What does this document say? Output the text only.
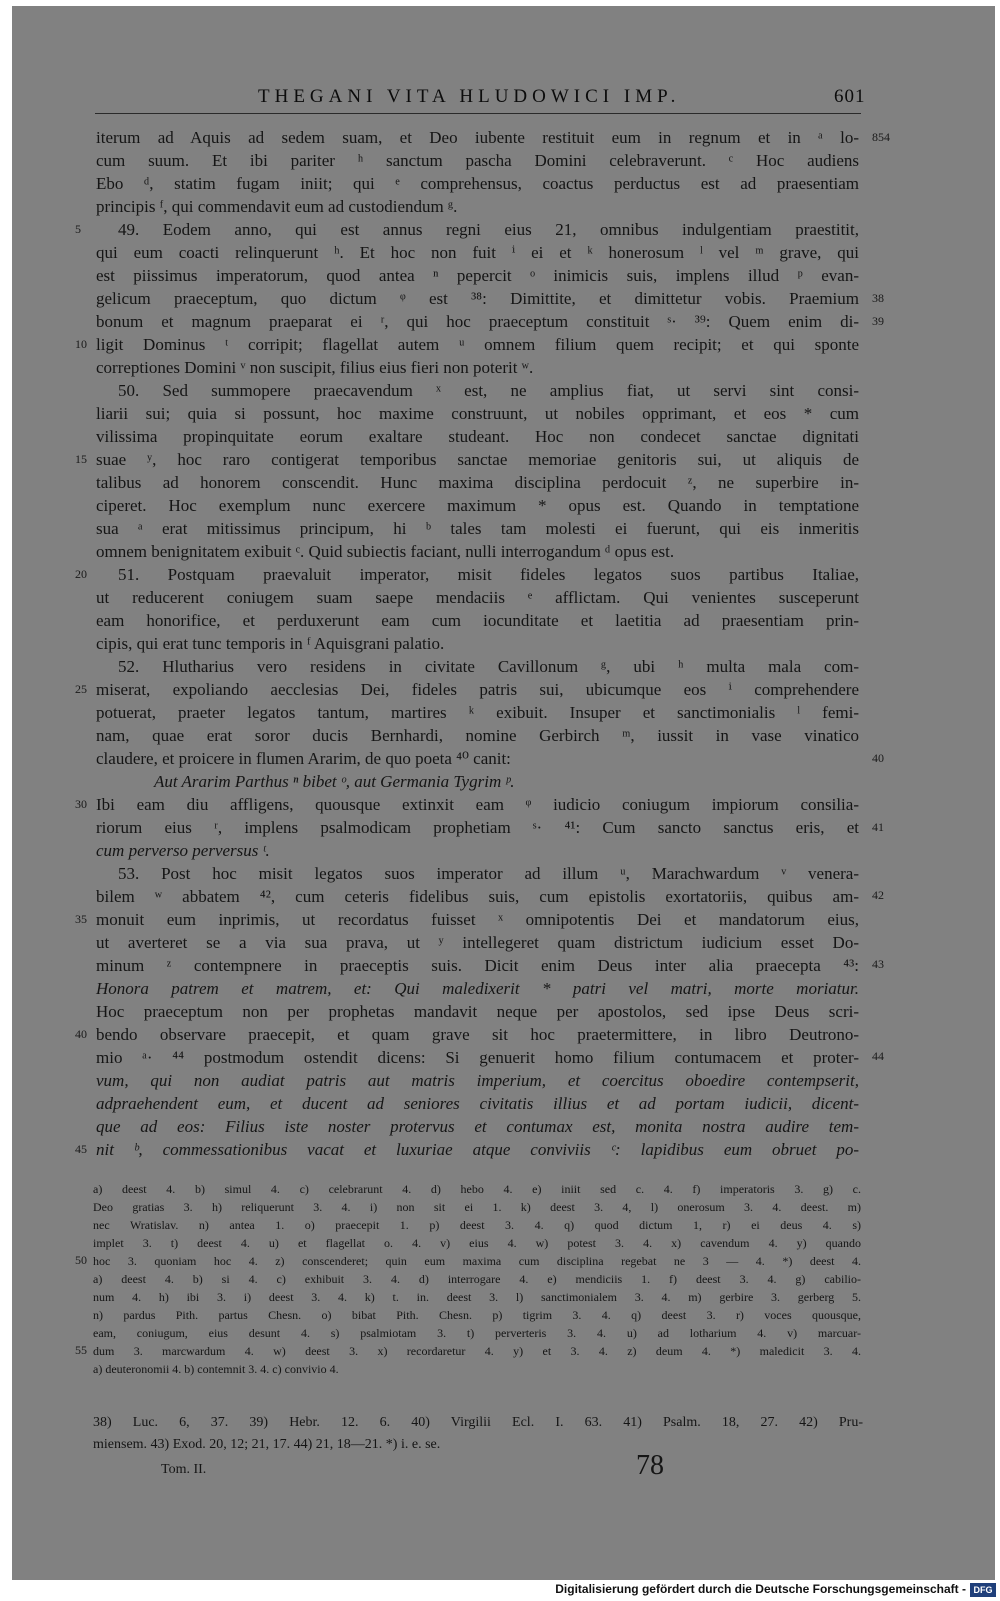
THEGANI VITA HLUDOWICI IMP.	601
iterum ad Aquis ad sedem suam, et Deo iubente restituit eum in regnum et in ᵃ lo-
cum suum. Et ibi pariter ʰ sanctum pascha Domini celebraverunt. ᶜ Hoc audiens
Ebo ᵈ, statim fugam iniit; qui ᵉ comprehensus, coactus perductus est ad praesentiam
principis ᶠ, qui commendavit eum ad custodiendum ᵍ.
49. Eodem anno, qui est annus regni eius 21, omnibus indulgentiam praestitit,
qui eum coacti relinquerunt ʰ. Et hoc non fuit ⁱ ei et ᵏ honerosum ˡ vel ᵐ grave, qui
est piissimus imperatorum, quod antea ⁿ pepercit ᵒ inimicis suis, implens illud ᵖ evan-
gelicum praeceptum, quo dictum ᵠ est ³⁸: Dimittite, et dimittetur vobis. Praemium
bonum et magnum praeparat ei ʳ, qui hoc praeceptum constituit ˢ· ³⁹: Quem enim di-
ligit Dominus ᵗ corripit; flagellat autem ᵘ omnem filium quem recipit; et qui sponte
correptiones Domini ᵛ non suscipit, filius eius fieri non poterit ʷ.
50. Sed summopere praecavendum ˣ est, ne amplius fiat, ut servi sint consi-
liarii sui; quia si possunt, hoc maxime construunt, ut nobiles opprimant, et eos * cum
vilissima propinquitate eorum exaltare studeant. Hoc non condecet sanctae dignitati
suae ʸ, hoc raro contigerat temporibus sanctae memoriae genitoris sui, ut aliquis de
talibus ad honorem conscendit. Hunc maxima disciplina perdocuit ᶻ, ne superbire in-
ciperet. Hoc exemplum nunc exercere maximum * opus est. Quando in temptatione
sua ᵃ erat mitissimus principum, hi ᵇ tales tam molesti ei fuerunt, qui eis inmeritis
omnem benignitatem exibuit ᶜ. Quid subiectis faciant, nulli interrogandum ᵈ opus est.
51. Postquam praevaluit imperator, misit fideles legatos suos partibus Italiae,
ut reducerent coniugem suam saepe mendaciis ᵉ afflictam. Qui venientes susceperunt
eam honorifice, et perduxerunt eam cum iocunditate et laetitia ad praesentiam prin-
cipis, qui erat tunc temporis in ᶠ Aquisgrani palatio.
52. Hlutharius vero residens in civitate Cavillonum ᵍ, ubi ʰ multa mala com-
miserat, expoliando aecclesias Dei, fideles patris sui, ubicumque eos ⁱ comprehendere
potuerat, praeter legatos tantum, martires ᵏ exibuit. Insuper et sanctimonialis ˡ femi-
nam, quae erat soror ducis Bernhardi, nomine Gerbirch ᵐ, iussit in vase vinatico
claudere, et proicere in flumen Ararim, de quo poeta ⁴⁰ canit:
Aut Ararim Parthus ⁿ bibet ᵒ, aut Germania Tygrim ᵖ.
Ibi eam diu affligens, quousque extinxit eam ᵠ iudicio coniugum impiorum consilia-
riorum eius ʳ, implens psalmodicam prophetiam ˢ· ⁴¹: Cum sancto sanctus eris, et
cum perverso perversus ᵗ.
53. Post hoc misit legatos suos imperator ad illum ᵘ, Marachwardum ᵛ venera-
bilem ʷ abbatem ⁴², cum ceteris fidelibus suis, cum epistolis exortatoriis, quibus am-
monuit eum inprimis, ut recordatus fuisset ˣ omnipotentis Dei et mandatorum eius,
ut averteret se a via sua prava, ut ʸ intellegeret quam districtum iudicium esset Do-
minum ᶻ contempnere in praeceptis suis. Dicit enim Deus inter alia praecepta ⁴³:
Honora patrem et matrem, et: Qui maledixerit * patri vel matri, morte moriatur.
Hoc praeceptum non per prophetas mandavit neque per apostolos, sed ipse Deus scri-
bendo observare praecepit, et quam grave sit hoc praetermittere, in libro Deutrono-
mio ᵃ· ⁴⁴ postmodum ostendit dicens: Si genuerit homo filium contumacem et proter-
vum, qui non audiat patris aut matris imperium, et coercitus oboedire contempserit,
adpraehendent eum, et ducent ad seniores civitatis illius et ad portam iudicii, dicent-
que ad eos: Filius iste noster protervus et contumax est, monita nostra audire tem-
nit ᵇ, commessationibus vacat et luxuriae atque conviviis ᶜ: lapidibus eum obruet po-
5
10
15
20
25
30
35
40
45
50
55
854
38
39
40
41
42
43
44
a) deest 4. b) simul 4. c) celebrarunt 4. d) hebo 4. e) iniit sed c. 4. f) imperatoris 3. g) c.
Deo gratias 3. h) reliquerunt 3. 4. i) non sit ei 1. k) deest 3. 4, l) onerosum 3. 4. deest. m)
nec Wratislav. n) antea 1. o) praecepit 1. p) deest 3. 4. q) quod dictum 1, r) ei deus 4. s)
implet 3. t) deest 4. u) et flagellat o. 4. v) eius 4. w) potest 3. 4. x) cavendum 4. y) quando
hoc 3. quoniam hoc 4. z) conscenderet; quin eum maxima cum disciplina regebat ne 3 — 4. *) deest 4.
a) deest 4. b) si 4. c) exhibuit 3. 4. d) interrogare 4. e) mendiciis 1. f) deest 3. 4. g) cabilio-
num 4. h) ibi 3. i) deest 3. 4. k) t. in. deest 3. l) sanctimonialem 3. 4. m) gerbire 3. gerberg 5.
n) pardus Pith. partus Chesn. o) bibat Pith. Chesn. p) tigrim 3. 4. q) deest 3. r) voces quousque,
eam, coniugum, eius desunt 4. s) psalmiotam 3. t) perverteris 3. 4. u) ad lotharium 4. v) marcuar-
dum 3. marcwardum 4. w) deest 3. x) recordaretur 4. y) et 3. 4. z) deum 4. *) maledicit 3. 4.
a) deuteronomii 4. b) contemnit 3. 4. c) convivio 4.
38) Luc. 6, 37. 39) Hebr. 12. 6. 40) Virgilii Ecl. I. 63. 41) Psalm. 18, 27. 42) Pru-
miensem. 43) Exod. 20, 12; 21, 17. 44) 21, 18—21. *) i. e. se.
Tom. II.	78
Digitalisierung gefördert durch die Deutsche Forschungsgemeinschaft - DFG
